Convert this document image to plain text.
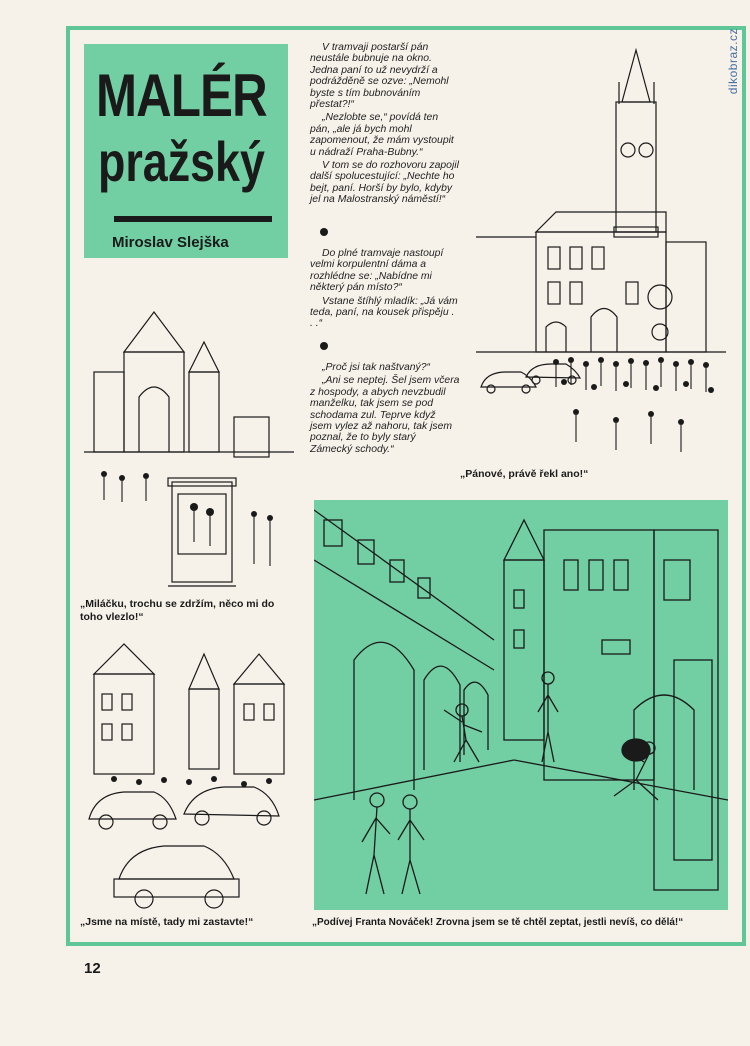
dikobraz.cz
MALÉR
pražský
Miroslav Slejška

V tramvaji postarší pán neustále bubnuje na okno. Jedna paní to už nevydrží a podrážděně se ozve: „Nemohl byste s tím bubnováním přestat?!“

„Nezlobte se,“ povídá ten pán, „ale já bych mohl zapomenout, že mám vystoupit u nádraží Praha-Bubny.“

V tom se do rozhovoru zapojil další spolucestující: „Nechte ho bejt, paní. Horší by bylo, kdyby jel na Malostranský náměstí!“

Do plné tramvaje nastoupí velmi korpulentní dáma a rozhlédne se: „Nabídne mi některý pán místo?“

Vstane štíhlý mladík: „Já vám teda, paní, na kousek přispěju . . .“

„Proč jsi tak naštvaný?“

„Ani se neptej. Šel jsem včera z hospody, a abych nevzbudil manželku, tak jsem se pod schodama zul. Teprve když jsem vylez až nahoru, tak jsem poznal, že to byly starý Zámecký schody.“

„Pánové, právě řekl ano!“
„Miláčku, trochu se zdržím, něco mi do toho vlezlo!“
„Jsme na místě, tady mi zastavte!“	„Podívej Franta Nováček! Zrovna jsem se tě chtěl zeptat, jestli nevíš, co dělá!“
12
